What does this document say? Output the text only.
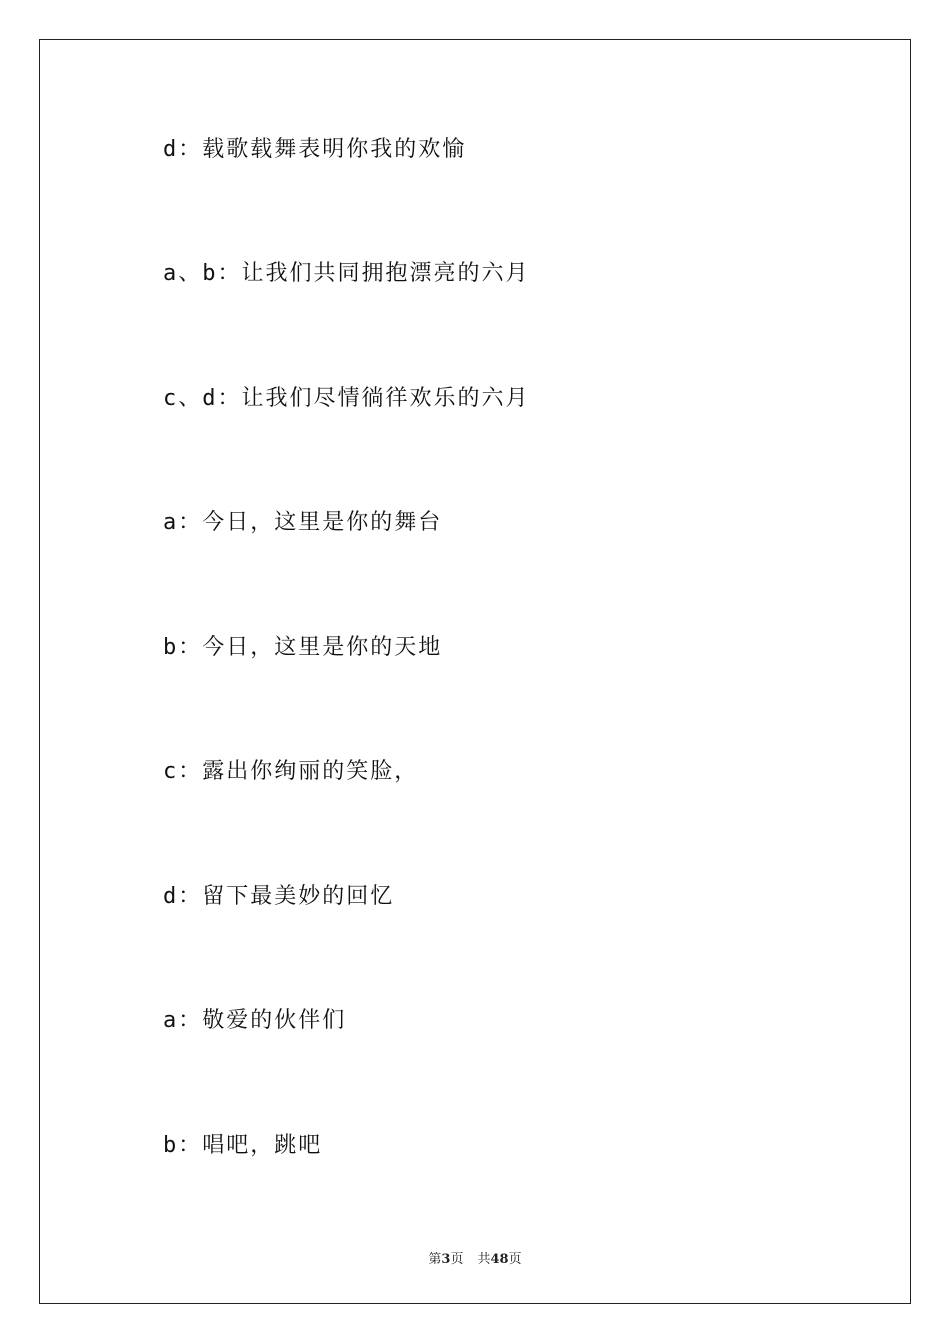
d：载歌载舞表明你我的欢愉
a、b：让我们共同拥抱漂亮的六月
c、d：让我们尽情徜徉欢乐的六月
a：今日，这里是你的舞台
b：今日，这里是你的天地
c：露出你绚丽的笑脸，
d：留下最美妙的回忆
a：敬爱的伙伴们
b：唱吧，跳吧
第3页 共48页
